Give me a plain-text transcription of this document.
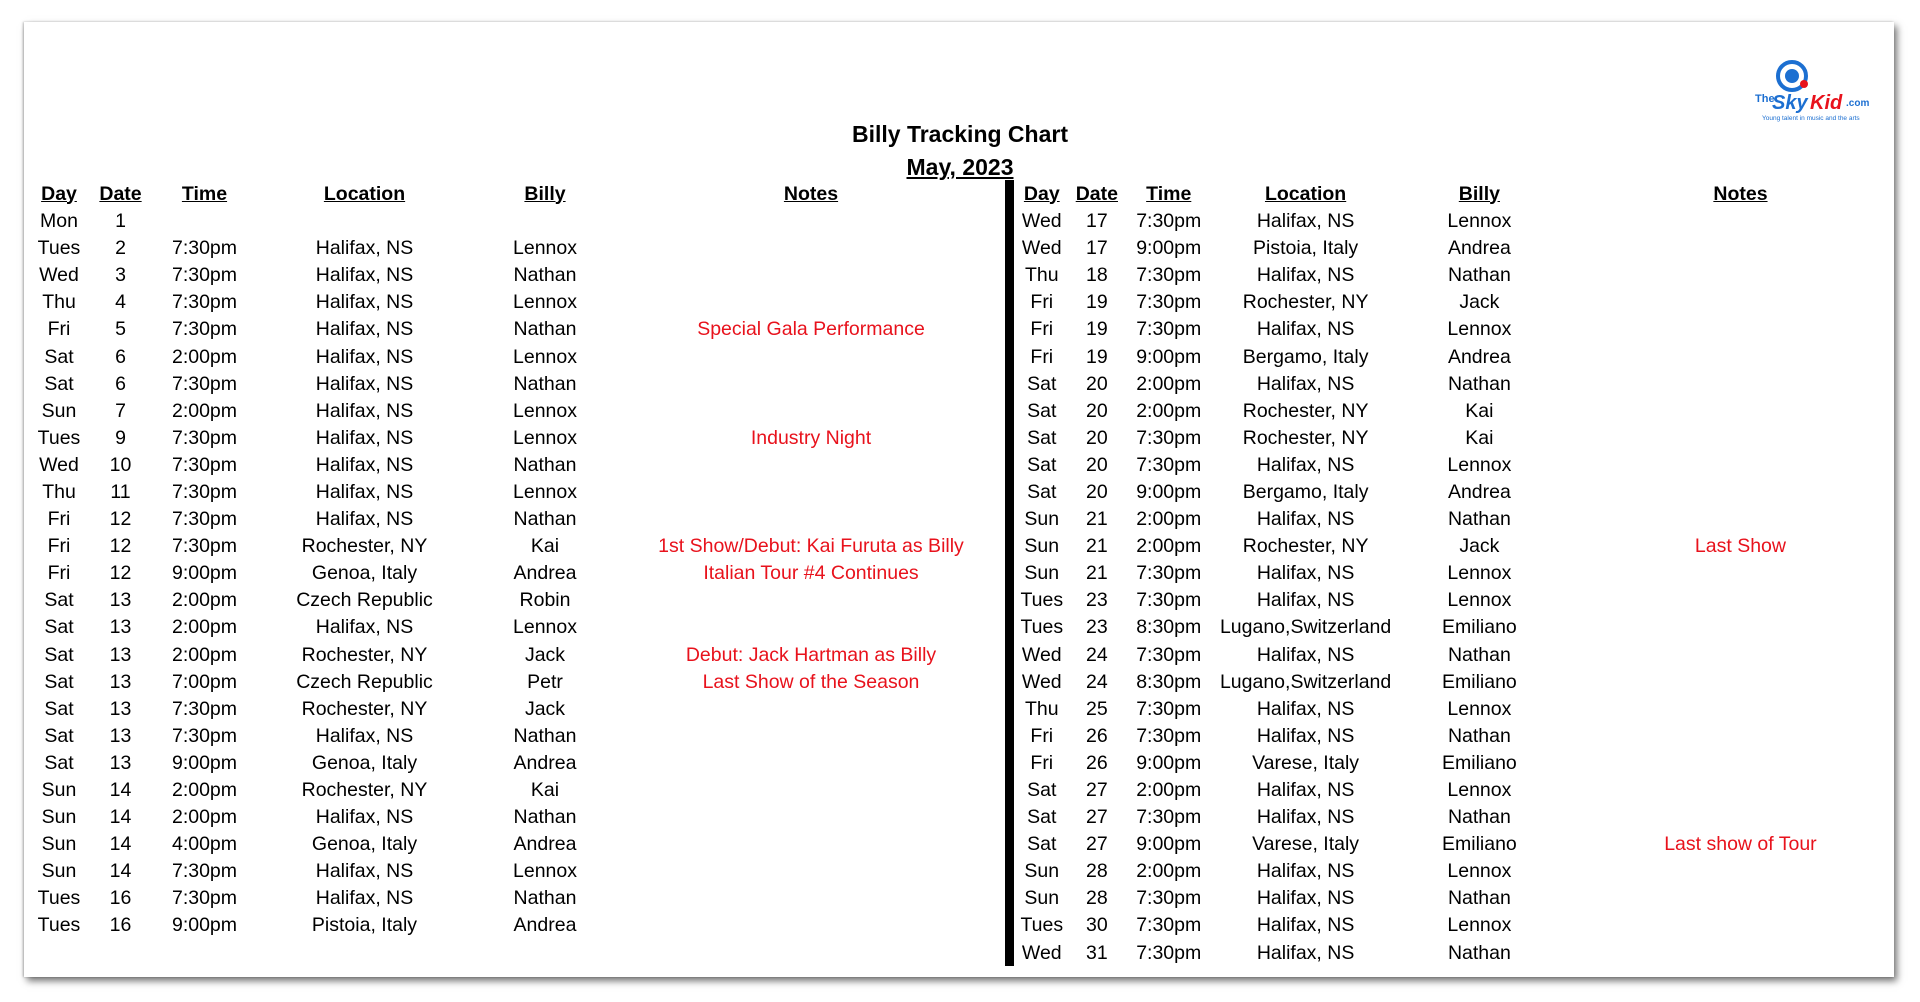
The
Sky Kid .com
Young talent in music and the arts
Billy Tracking Chart
May, 2023
Day	Date	Time	Location	Billy	Notes
Mon	1				
Tues	2	7:30pm	Halifax, NS	Lennox	
Wed	3	7:30pm	Halifax, NS	Nathan	
Thu	4	7:30pm	Halifax, NS	Lennox	
Fri	5	7:30pm	Halifax, NS	Nathan	Special Gala Performance
Sat	6	2:00pm	Halifax, NS	Lennox	
Sat	6	7:30pm	Halifax, NS	Nathan	
Sun	7	2:00pm	Halifax, NS	Lennox	
Tues	9	7:30pm	Halifax, NS	Lennox	Industry Night
Wed	10	7:30pm	Halifax, NS	Nathan	
Thu	11	7:30pm	Halifax, NS	Lennox	
Fri	12	7:30pm	Halifax, NS	Nathan	
Fri	12	7:30pm	Rochester, NY	Kai	1st Show/Debut: Kai Furuta as Billy
Fri	12	9:00pm	Genoa, Italy	Andrea	Italian Tour #4 Continues
Sat	13	2:00pm	Czech Republic	Robin	
Sat	13	2:00pm	Halifax, NS	Lennox	
Sat	13	2:00pm	Rochester, NY	Jack	Debut: Jack Hartman as Billy
Sat	13	7:00pm	Czech Republic	Petr	Last Show of the Season
Sat	13	7:30pm	Rochester, NY	Jack	
Sat	13	7:30pm	Halifax, NS	Nathan	
Sat	13	9:00pm	Genoa, Italy	Andrea	
Sun	14	2:00pm	Rochester, NY	Kai	
Sun	14	2:00pm	Halifax, NS	Nathan	
Sun	14	4:00pm	Genoa, Italy	Andrea	
Sun	14	7:30pm	Halifax, NS	Lennox	
Tues	16	7:30pm	Halifax, NS	Nathan	
Tues	16	9:00pm	Pistoia, Italy	Andrea	
Day	Date	Time	Location	Billy	Notes
Wed	17	7:30pm	Halifax, NS	Lennox	
Wed	17	9:00pm	Pistoia, Italy	Andrea	
Thu	18	7:30pm	Halifax, NS	Nathan	
Fri	19	7:30pm	Rochester, NY	Jack	
Fri	19	7:30pm	Halifax, NS	Lennox	
Fri	19	9:00pm	Bergamo, Italy	Andrea	
Sat	20	2:00pm	Halifax, NS	Nathan	
Sat	20	2:00pm	Rochester, NY	Kai	
Sat	20	7:30pm	Rochester, NY	Kai	
Sat	20	7:30pm	Halifax, NS	Lennox	
Sat	20	9:00pm	Bergamo, Italy	Andrea	
Sun	21	2:00pm	Halifax, NS	Nathan	
Sun	21	2:00pm	Rochester, NY	Jack	Last Show
Sun	21	7:30pm	Halifax, NS	Lennox	
Tues	23	7:30pm	Halifax, NS	Lennox	
Tues	23	8:30pm	Lugano,Switzerland	Emiliano	
Wed	24	7:30pm	Halifax, NS	Nathan	
Wed	24	8:30pm	Lugano,Switzerland	Emiliano	
Thu	25	7:30pm	Halifax, NS	Lennox	
Fri	26	7:30pm	Halifax, NS	Nathan	
Fri	26	9:00pm	Varese, Italy	Emiliano	
Sat	27	2:00pm	Halifax, NS	Lennox	
Sat	27	7:30pm	Halifax, NS	Nathan	
Sat	27	9:00pm	Varese, Italy	Emiliano	Last show of Tour
Sun	28	2:00pm	Halifax, NS	Lennox	
Sun	28	7:30pm	Halifax, NS	Nathan	
Tues	30	7:30pm	Halifax, NS	Lennox	
Wed	31	7:30pm	Halifax, NS	Nathan	
